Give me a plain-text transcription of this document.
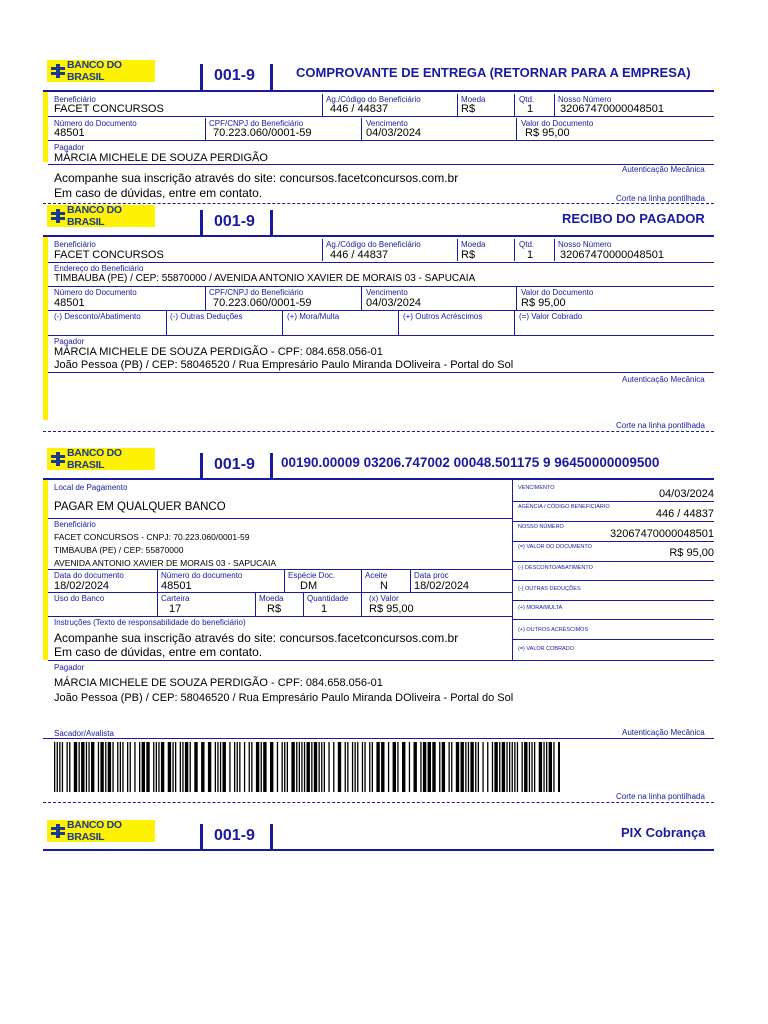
BANCO DO BRASIL	001-9	COMPROVANTE DE ENTREGA (RETORNAR PARA A EMPRESA)
Beneficiário
FACET CONCURSOS
Ag./Código do Beneficiário
446 / 44837
Moeda
R$
Qtd.
1
Nosso Número
32067470000048501
Número do Documento
48501
CPF/CNPJ do Beneficiário
70.223.060/0001-59
Vencimento
04/03/2024
Valor do Documento
R$ 95,00
Pagador
MÁRCIA MICHELE DE SOUZA PERDIGÃO
Autenticação Mecânica
Acompanhe sua inscrição através do site: concursos.facetconcursos.com.br
Em caso de dúvidas, entre em contato.	Corte na linha pontilhada
BANCO DO BRASIL	001-9	RECIBO DO PAGADOR
Beneficiário
FACET CONCURSOS
Ag./Código do Beneficiário
446 / 44837
Moeda
R$
Qtd.
1
Nosso Número
32067470000048501
Endereço do Beneficiário
TIMBAUBA (PE) / CEP: 55870000 / AVENIDA ANTONIO XAVIER DE MORAIS 03 - SAPUCAIA
Número do Documento
48501
CPF/CNPJ do Beneficiário
70.223.060/0001-59
Vencimento
04/03/2024
Valor do Documento
R$ 95,00
(-) Desconto/Abatimento	(-) Outras Deduções	(+) Mora/Multa	(+) Outros Acréscimos	(=) Valor Cobrado
Pagador
MÁRCIA MICHELE DE SOUZA PERDIGÃO - CPF: 084.658.056-01
João Pessoa (PB) / CEP: 58046520 / Rua Empresário Paulo Miranda DOliveira - Portal do Sol
Autenticação Mecânica
Corte na linha pontilhada
BANCO DO BRASIL	001-9 00190.00009 03206.747002 00048.501175 9 96450000009500
Local de Pagamento
PAGAR EM QUALQUER BANCO
VENCIMENTO	04/03/2024
AGÊNCIA / CÓDIGO BENEFICIÁRIO
446 / 44837
NOSSO NÚMERO
32067470000048501
(=) VALOR DO DOCUMENTO	R$ 95,00
(-) DESCONTO/ABATIMENTO
(-) OUTRAS DEDUÇÕES
(+) MORA/MULTA
(+) OUTROS ACRÉSCIMOS
(=) VALOR COBRADO
Beneficiário
FACET CONCURSOS - CNPJ: 70.223.060/0001-59
TIMBAUBA (PE) / CEP: 55870000
AVENIDA ANTONIO XAVIER DE MORAIS 03 - SAPUCAIA
Data do documento
18/02/2024
Número do documento
48501
Espécie Doc.
DM
Aceite
N
Data proc
18/02/2024
Uso do Banco	Carteira
17
Moeda
R$
Quantidade
1
(x) Valor
R$ 95,00
Instruções (Texto de responsabilidade do beneficiário)
Acompanhe sua inscrição através do site: concursos.facetconcursos.com.br
Em caso de dúvidas, entre em contato.
Pagador
MÁRCIA MICHELE DE SOUZA PERDIGÃO - CPF: 084.658.056-01
João Pessoa (PB) / CEP: 58046520 / Rua Empresário Paulo Miranda DOliveira - Portal do Sol
Sacador/Avalista	Autenticação Mecânica
Corte na linha pontilhada
BANCO DO BRASIL	001-9	PIX Cobrança
